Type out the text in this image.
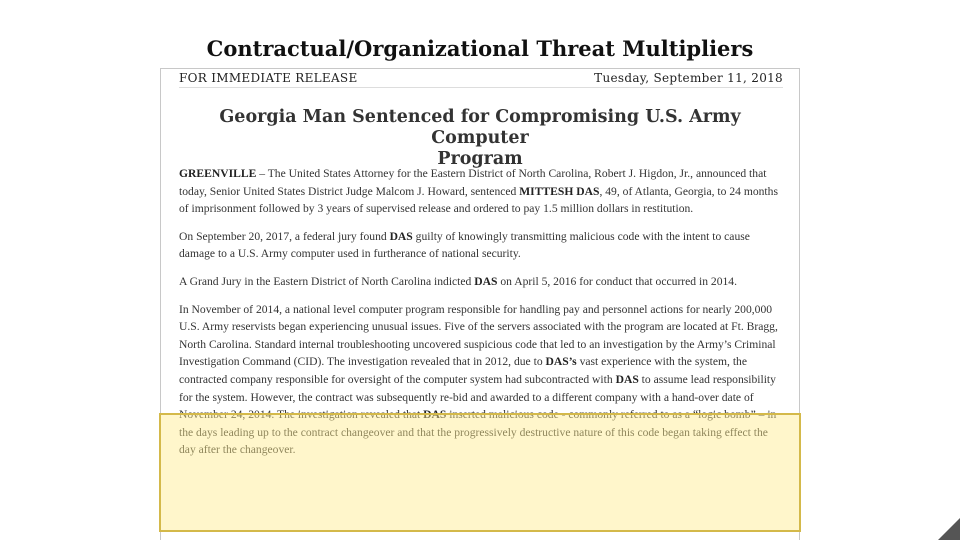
Contractual/Organizational Threat Multipliers
FOR IMMEDIATE RELEASE	Tuesday, September 11, 2018
Georgia Man Sentenced for Compromising U.S. Army Computer
Program

GREENVILLE – The United States Attorney for the Eastern District of North Carolina, Robert J. Higdon, Jr., announced that today, Senior United States District Judge Malcom J. Howard, sentenced MITTESH DAS, 49, of Atlanta, Georgia, to 24 months of imprisonment followed by 3 years of supervised release and ordered to pay 1.5 million dollars in restitution.

On September 20, 2017, a federal jury found DAS guilty of knowingly transmitting malicious code with the intent to cause damage to a U.S. Army computer used in furtherance of national security.

A Grand Jury in the Eastern District of North Carolina indicted DAS on April 5, 2016 for conduct that occurred in 2014.

In November of 2014, a national level computer program responsible for handling pay and personnel actions for nearly 200,000 U.S. Army reservists began experiencing unusual issues. Five of the servers associated with the program are located at Ft. Bragg, North Carolina. Standard internal troubleshooting uncovered suspicious code that led to an investigation by the Army’s Criminal Investigation Command (CID). The investigation revealed that in 2012, due to DAS’s vast experience with the system, the contracted company responsible for oversight of the computer system had subcontracted with DAS to assume lead responsibility for the system. However, the contract was subsequently re-bid and awarded to a different company with a hand-over date of November 24, 2014. The investigation revealed that DAS inserted malicious code - commonly referred to as a “logic bomb” – in the days leading up to the contract changeover and that the progressively destructive nature of this code began taking effect the day after the changeover.
